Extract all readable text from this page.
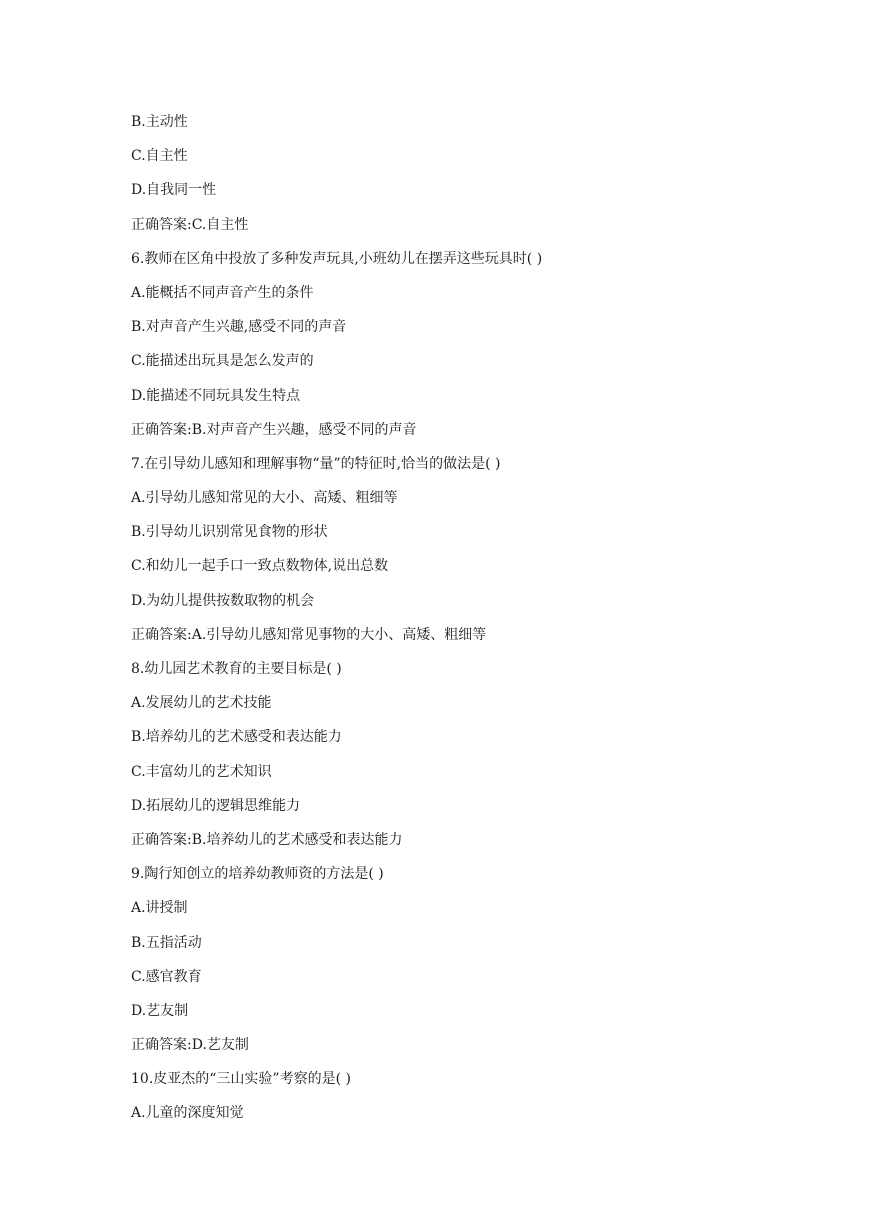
B.主动性
C.自主性
D.自我同一性
正确答案:C.自主性
6.教师在区角中投放了多种发声玩具,小班幼儿在摆弄这些玩具时( )
A.能概括不同声音产生的条件
B.对声音产生兴趣,感受不同的声音
C.能描述出玩具是怎么发声的
D.能描述不同玩具发生特点
正确答案:B.对声音产生兴趣，感受不同的声音
7.在引导幼儿感知和理解事物“量”的特征时,恰当的做法是( )
A.引导幼儿感知常见的大小、高矮、粗细等
B.引导幼儿识别常见食物的形状
C.和幼儿一起手口一致点数物体,说出总数
D.为幼儿提供按数取物的机会
正确答案:A.引导幼儿感知常见事物的大小、高矮、粗细等
8.幼儿园艺术教育的主要目标是( )
A.发展幼儿的艺术技能
B.培养幼儿的艺术感受和表达能力
C.丰富幼儿的艺术知识
D.拓展幼儿的逻辑思维能力
正确答案:B.培养幼儿的艺术感受和表达能力
9.陶行知创立的培养幼教师资的方法是( )
A.讲授制
B.五指活动
C.感官教育
D.艺友制
正确答案:D.艺友制
10.皮亚杰的“三山实验”考察的是( )
A.儿童的深度知觉
